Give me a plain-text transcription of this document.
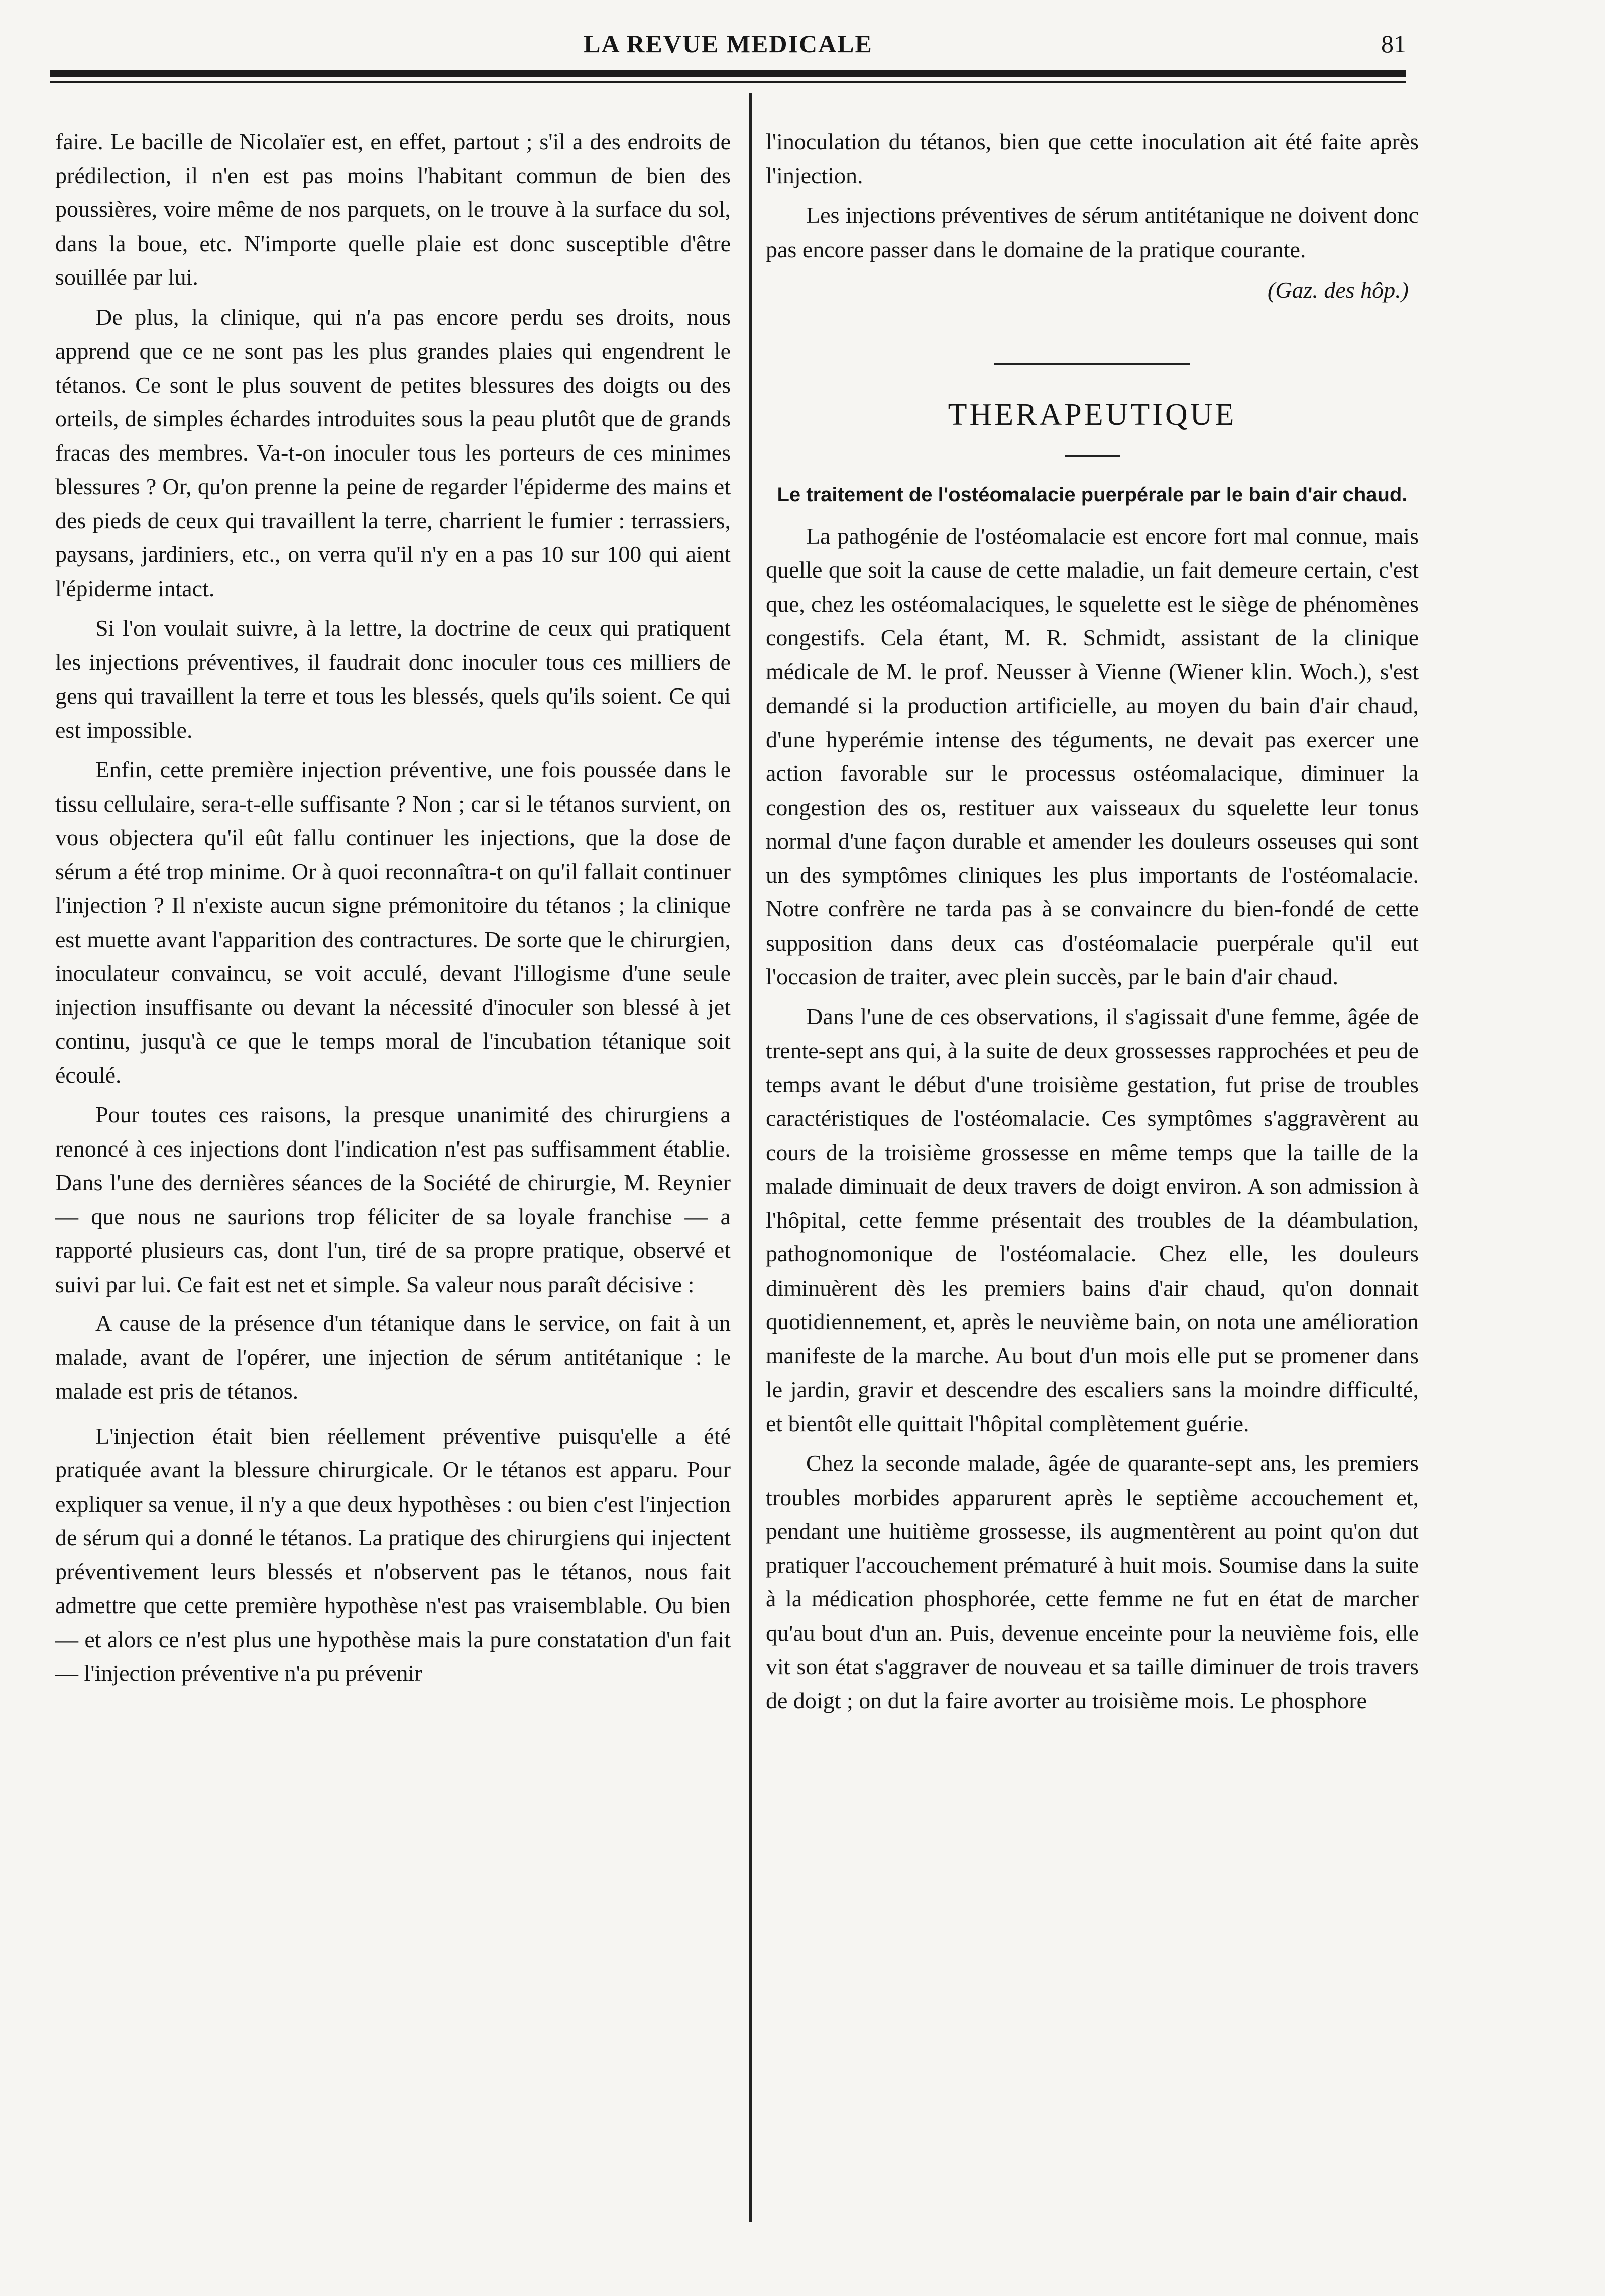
LA REVUE MEDICALE	81

faire. Le bacille de Nicolaïer est, en effet, partout ; s'il a des endroits de prédilection, il n'en est pas moins l'habitant commun de bien des poussières, voire même de nos parquets, on le trouve à la surface du sol, dans la boue, etc. N'importe quelle plaie est donc susceptible d'être souillée par lui.

De plus, la clinique, qui n'a pas encore perdu ses droits, nous apprend que ce ne sont pas les plus grandes plaies qui engendrent le tétanos. Ce sont le plus souvent de petites blessures des doigts ou des orteils, de simples échardes introduites sous la peau plutôt que de grands fracas des membres. Va-t-on inoculer tous les porteurs de ces minimes blessures ? Or, qu'on prenne la peine de regarder l'épiderme des mains et des pieds de ceux qui travaillent la terre, charrient le fumier : terrassiers, paysans, jardiniers, etc., on verra qu'il n'y en a pas 10 sur 100 qui aient l'épiderme intact.

Si l'on voulait suivre, à la lettre, la doctrine de ceux qui pratiquent les injections préventives, il faudrait donc inoculer tous ces milliers de gens qui travaillent la terre et tous les blessés, quels qu'ils soient. Ce qui est impossible.

Enfin, cette première injection préventive, une fois poussée dans le tissu cellulaire, sera-t-elle suffisante ? Non ; car si le tétanos survient, on vous objectera qu'il eût fallu continuer les injections, que la dose de sérum a été trop minime. Or à quoi reconnaîtra-t on qu'il fallait continuer l'injection ? Il n'existe aucun signe prémonitoire du tétanos ; la clinique est muette avant l'apparition des contractures. De sorte que le chirurgien, inoculateur convaincu, se voit acculé, devant l'illogisme d'une seule injection insuffisante ou devant la nécessité d'inoculer son blessé à jet continu, jusqu'à ce que le temps moral de l'incubation tétanique soit écoulé.

Pour toutes ces raisons, la presque unanimité des chirurgiens a renoncé à ces injections dont l'indication n'est pas suffisamment établie. Dans l'une des dernières séances de la Société de chirurgie, M. Reynier — que nous ne saurions trop féliciter de sa loyale franchise — a rapporté plusieurs cas, dont l'un, tiré de sa propre pratique, observé et suivi par lui. Ce fait est net et simple. Sa valeur nous paraît décisive :

A cause de la présence d'un tétanique dans le service, on fait à un malade, avant de l'opérer, une injection de sérum antitétanique : le malade est pris de tétanos.

L'injection était bien réellement préventive puisqu'elle a été pratiquée avant la blessure chirurgicale. Or le tétanos est apparu. Pour expliquer sa venue, il n'y a que deux hypothèses : ou bien c'est l'injection de sérum qui a donné le tétanos. La pratique des chirurgiens qui injectent préventivement leurs blessés et n'observent pas le tétanos, nous fait admettre que cette première hypothèse n'est pas vraisemblable. Ou bien — et alors ce n'est plus une hypothèse mais la pure constatation d'un fait — l'injection préventive n'a pu prévenir

l'inoculation du tétanos, bien que cette inoculation ait été faite après l'injection.

Les injections préventives de sérum antitétanique ne doivent donc pas encore passer dans le domaine de la pratique courante.

(Gaz. des hôp.)
THERAPEUTIQUE
Le traitement de l'ostéomalacie puerpérale par le bain d'air chaud.

La pathogénie de l'ostéomalacie est encore fort mal connue, mais quelle que soit la cause de cette maladie, un fait demeure certain, c'est que, chez les ostéomalaciques, le squelette est le siège de phénomènes congestifs. Cela étant, M. R. Schmidt, assistant de la clinique médicale de M. le prof. Neusser à Vienne (Wiener klin. Woch.), s'est demandé si la production artificielle, au moyen du bain d'air chaud, d'une hyperémie intense des téguments, ne devait pas exercer une action favorable sur le processus ostéomalacique, diminuer la congestion des os, restituer aux vaisseaux du squelette leur tonus normal d'une façon durable et amender les douleurs osseuses qui sont un des symptômes cliniques les plus importants de l'ostéomalacie. Notre confrère ne tarda pas à se convaincre du bien-fondé de cette supposition dans deux cas d'ostéomalacie puerpérale qu'il eut l'occasion de traiter, avec plein succès, par le bain d'air chaud.

Dans l'une de ces observations, il s'agissait d'une femme, âgée de trente-sept ans qui, à la suite de deux grossesses rapprochées et peu de temps avant le début d'une troisième gestation, fut prise de troubles caractéristiques de l'ostéomalacie. Ces symptômes s'aggravèrent au cours de la troisième grossesse en même temps que la taille de la malade diminuait de deux travers de doigt environ. A son admission à l'hôpital, cette femme présentait des troubles de la déambulation, pathognomonique de l'ostéomalacie. Chez elle, les douleurs diminuèrent dès les premiers bains d'air chaud, qu'on donnait quotidiennement, et, après le neuvième bain, on nota une amélioration manifeste de la marche. Au bout d'un mois elle put se promener dans le jardin, gravir et descendre des escaliers sans la moindre difficulté, et bientôt elle quittait l'hôpital complètement guérie.

Chez la seconde malade, âgée de quarante-sept ans, les premiers troubles morbides apparurent après le septième accouchement et, pendant une huitième grossesse, ils augmentèrent au point qu'on dut pratiquer l'accouchement prématuré à huit mois. Soumise dans la suite à la médication phosphorée, cette femme ne fut en état de marcher qu'au bout d'un an. Puis, devenue enceinte pour la neuvième fois, elle vit son état s'aggraver de nouveau et sa taille diminuer de trois travers de doigt ; on dut la faire avorter au troisième mois. Le phosphore
